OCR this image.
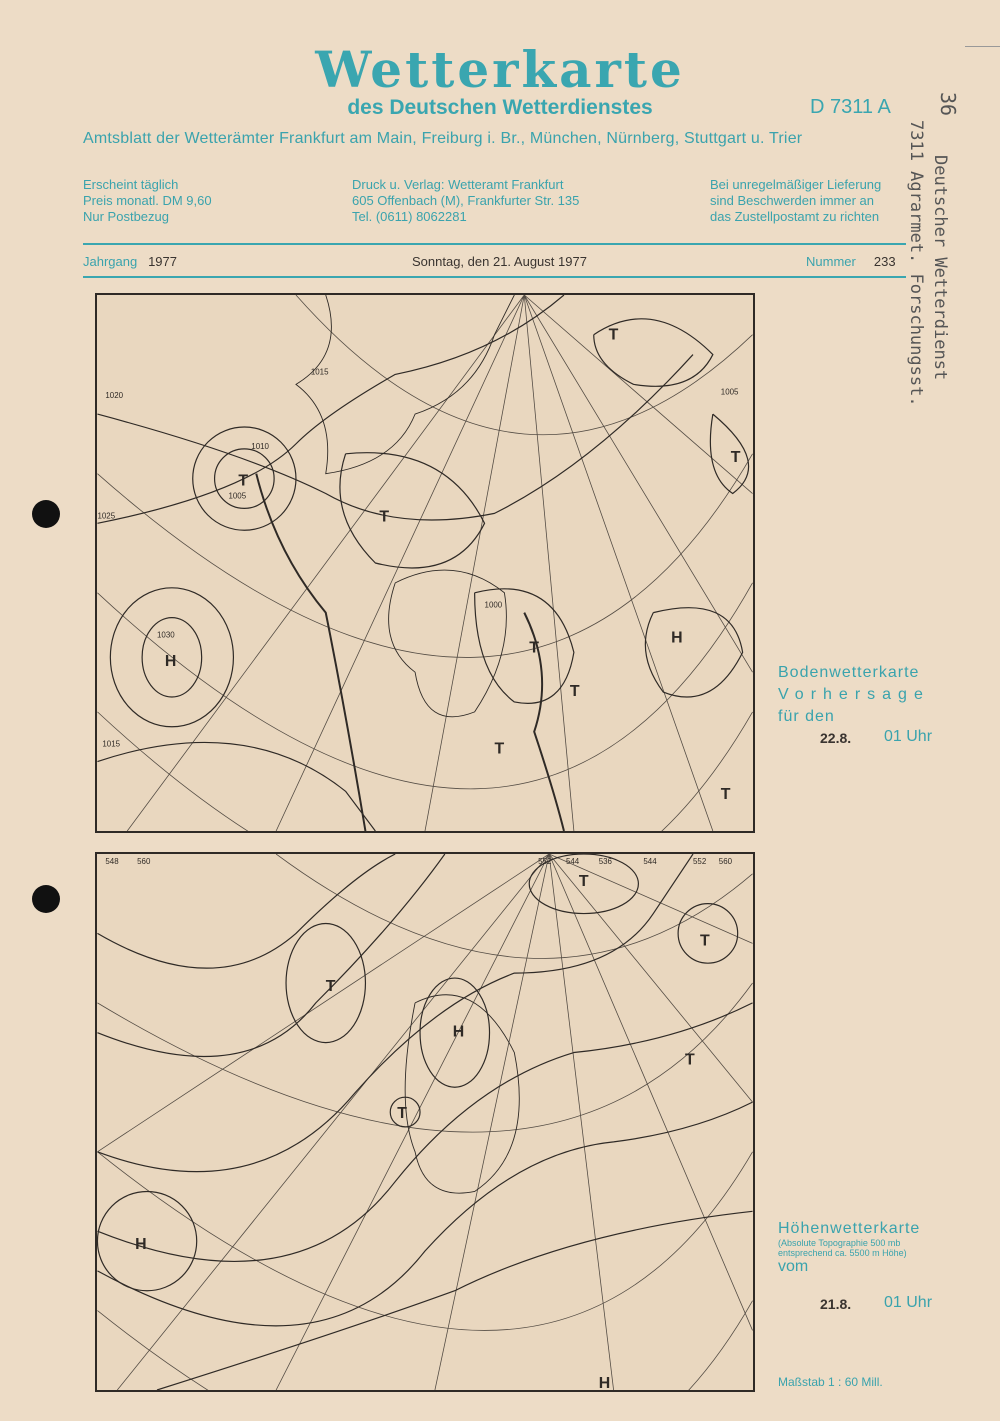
Wetterkarte
des Deutschen Wetterdienstes	D 7311 A
Amtsblatt der Wetterämter Frankfurt am Main, Freiburg i. Br., München, Nürnberg, Stuttgart u. Trier
Erscheint täglich
Preis monatl. DM 9,60
Nur Postbezug
Druck u. Verlag: Wetteramt Frankfurt
605 Offenbach (M), Frankfurter Str. 135
Tel. (0611) 8062281
Bei unregelmäßiger Lieferung
sind Beschwerden immer an
das Zustellpostamt zu richten
Jahrgang 1977	Sonntag, den 21. August 1977	Nummer 233
36
7311 Agrarmet. Forschungsst. Deutscher Wetterdienst
T
T
T
T
T
T
T
T
H
H
1025
1020
1015
1010
1005
1030
1000
1015
1005
Bodenwetterkarte
Vorhersage
für den
22.8. 01 Uhr
T
T
T
T
T
H
H
H
548 560	552 544 536	544	552 560
Höhenwetterkarte
(Absolute Topographie 500 mb
entsprechend ca. 5500 m Höhe)
vom
21.8. 01 Uhr
Maßstab 1 : 60 Mill.
